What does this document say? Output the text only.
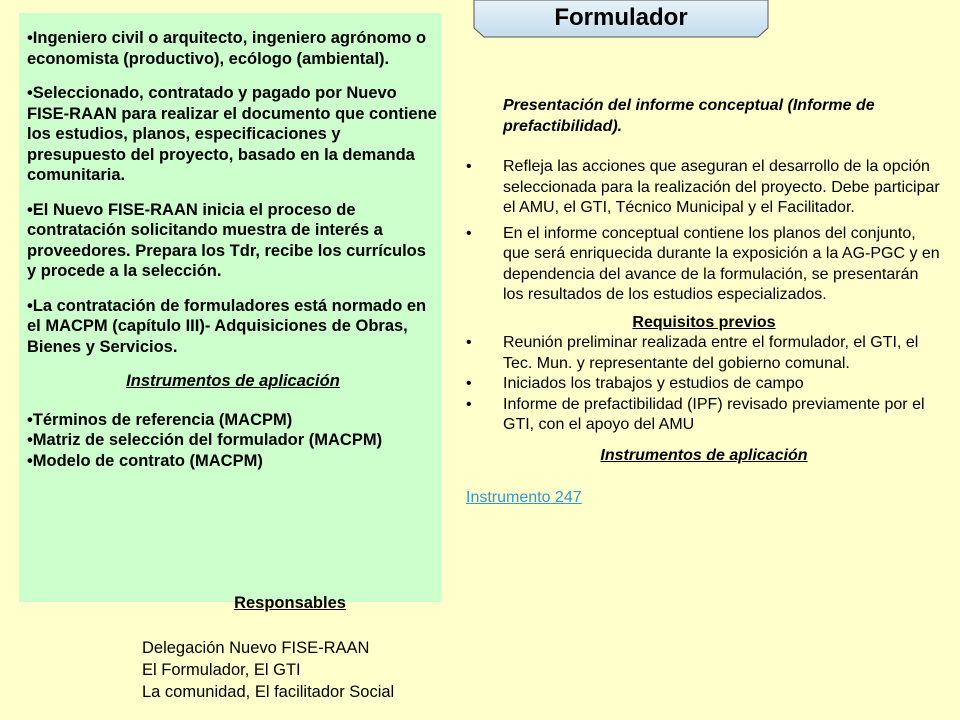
•Ingeniero civil o arquitecto, ingeniero agrónomo o economista (productivo), ecólogo (ambiental).

•Seleccionado, contratado y pagado por Nuevo FISE-RAAN para realizar el documento que contiene los estudios, planos, especificaciones y presupuesto del proyecto, basado en la demanda comunitaria.

•El Nuevo FISE-RAAN inicia el proceso de contratación solicitando muestra de interés a proveedores. Prepara los Tdr, recibe los currículos y procede a la selección.

•La contratación de formuladores está normado en el MACPM (capítulo III)- Adquisiciones de Obras, Bienes y Servicios.

Instrumentos de aplicación

•Términos de referencia (MACPM)

•Matriz de selección del formulador (MACPM)

•Modelo de contrato (MACPM)

Responsables
Delegación Nuevo FISE-RAAN
El Formulador, El GTI
La comunidad, El facilitador Social
Formulador
Presentación del informe conceptual (Informe de prefactibilidad).
• Refleja las acciones que aseguran el desarrollo de la opción seleccionada para la realización del proyecto. Debe participar el AMU, el GTI, Técnico Municipal y el Facilitador.
• En el informe conceptual contiene los planos del conjunto, que será enriquecida durante la exposición a la AG-PGC y en dependencia del avance de la formulación, se presentarán los resultados de los estudios especializados.
Requisitos previos
• Reunión preliminar realizada entre el formulador, el GTI, el Tec. Mun. y representante del gobierno comunal.
• Iniciados los trabajos y estudios de campo
• Informe de prefactibilidad (IPF) revisado previamente por el GTI, con el apoyo del AMU
Instrumentos de aplicación
Instrumento 247
